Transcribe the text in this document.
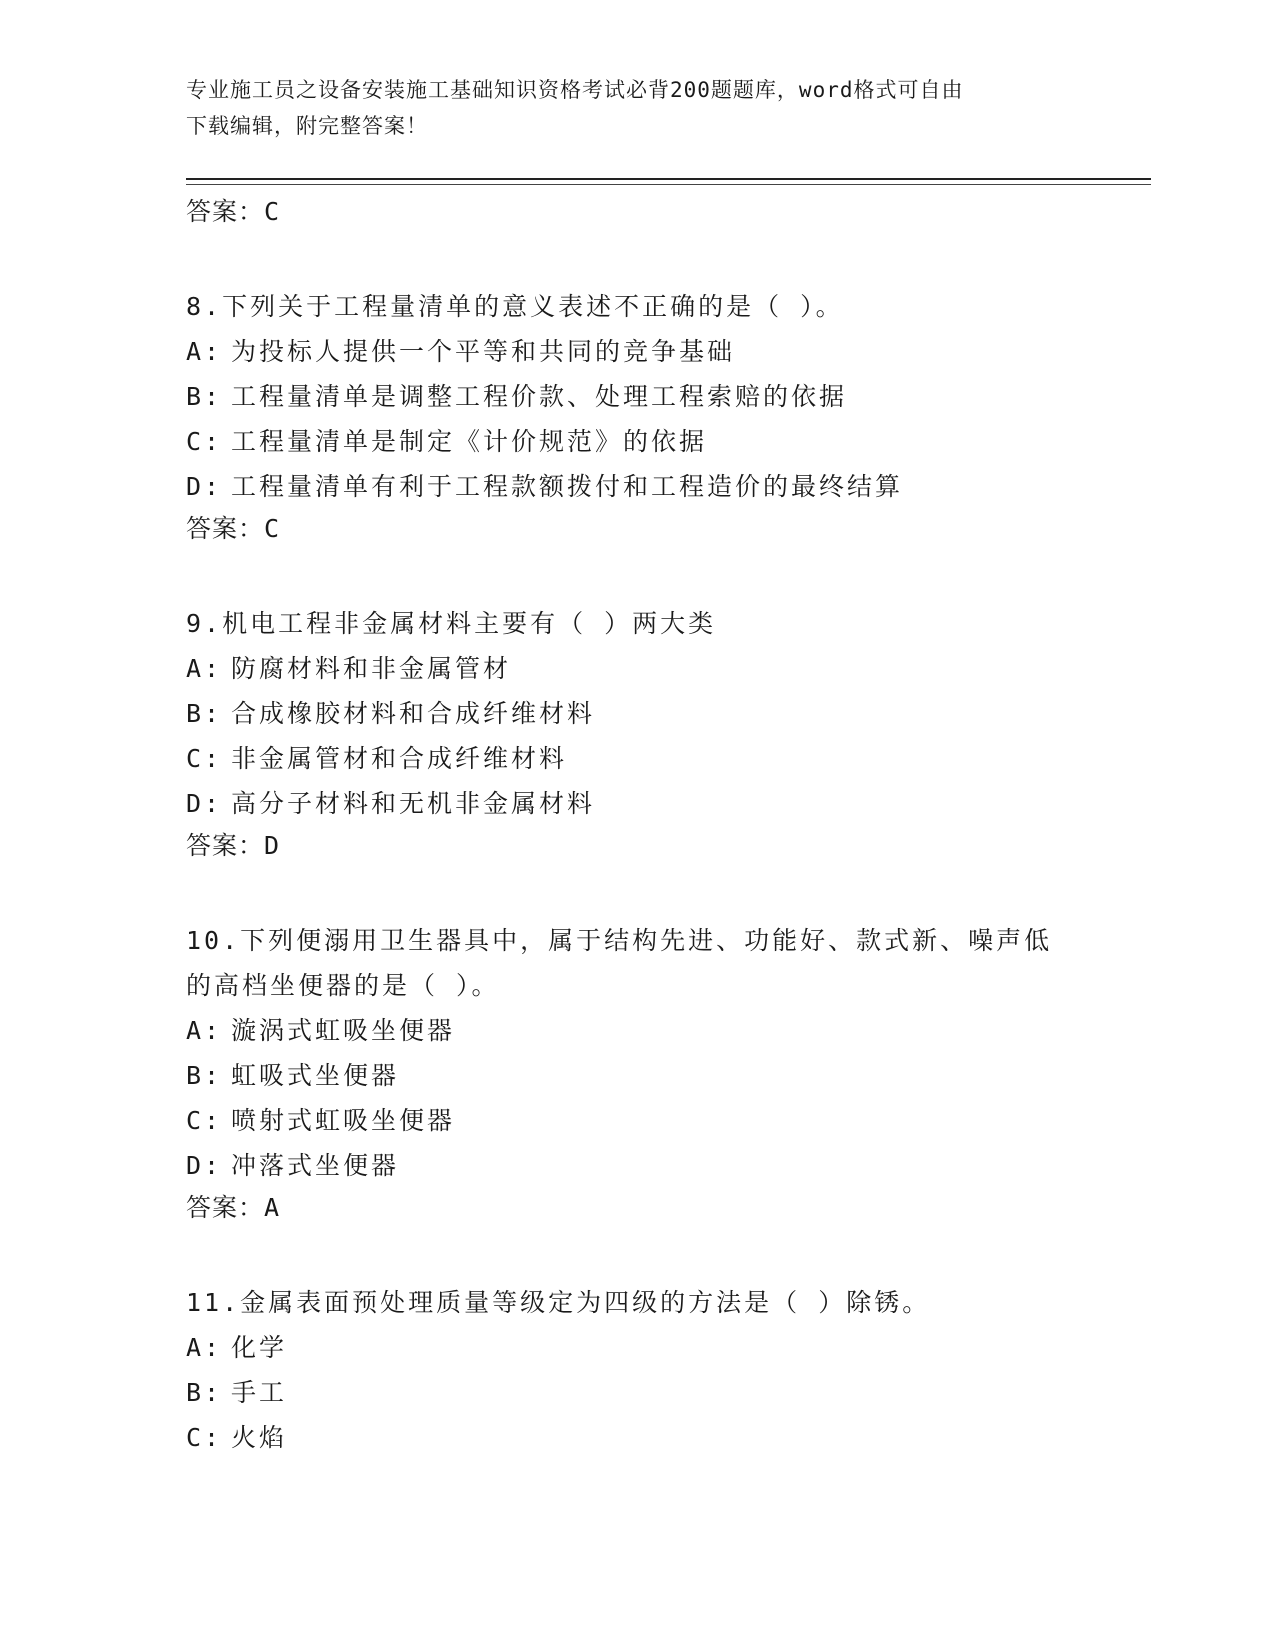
专业施工员之设备安装施工基础知识资格考试必背200题题库，word格式可自由
下载编辑，附完整答案！
答案：C
8.下列关于工程量清单的意义表述不正确的是（ ）。
A: 为投标人提供一个平等和共同的竞争基础
B: 工程量清单是调整工程价款、处理工程索赔的依据
C: 工程量清单是制定《计价规范》的依据
D: 工程量清单有利于工程款额拨付和工程造价的最终结算
答案：C
9.机电工程非金属材料主要有（ ）两大类
A: 防腐材料和非金属管材
B: 合成橡胶材料和合成纤维材料
C: 非金属管材和合成纤维材料
D: 高分子材料和无机非金属材料
答案：D
10.下列便溺用卫生器具中，属于结构先进、功能好、款式新、噪声低
的高档坐便器的是（ ）。
A: 漩涡式虹吸坐便器
B: 虹吸式坐便器
C: 喷射式虹吸坐便器
D: 冲落式坐便器
答案：A
11.金属表面预处理质量等级定为四级的方法是（ ）除锈。
A: 化学
B: 手工
C: 火焰
